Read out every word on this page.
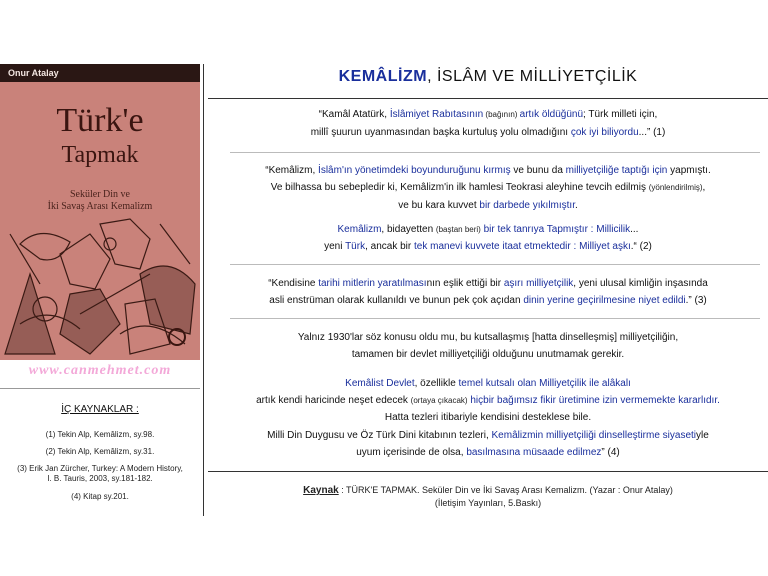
Onur Atalay
Türk'e
Tapmak
Seküler Din ve
İki Savaş Arası Kemalizm
www.canmehmet.com
İÇ KAYNAKLAR :
(1) Tekin Alp, Kemâlizm, sy.98.
(2) Tekin Alp, Kemâlizm, sy.31.
(3) Erik Jan Zürcher, Turkey: A Modern History,
I. B. Tauris, 2003, sy.181-182.
(4) Kitap sy.201.
KEMÂLİZM, İSLÂM VE MİLLİYETÇİLİK
“Kamâl Atatürk, İslâmiyet Rabıtasının (bağının) artık öldüğünü; Türk milleti için,
millî şuurun uyanmasından başka kurtuluş yolu olmadığını çok iyi biliyordu...” (1)
“Kemâlizm, İslâm'ın yönetimdeki boyunduruğunu kırmış ve bunu da milliyetçiliğe taptığı için yapmıştı.
Ve bilhassa bu sebepledir ki, Kemâlizm'in ilk hamlesi Teokrasi aleyhine tevcih edilmiş (yönlendirilmiş),
ve bu kara kuvvet bir darbede yıkılmıştır.
Kemâlizm, bidayetten (baştan beri) bir tek tanrıya Tapmıştır : Millicilik...
yeni Türk, ancak bir tek manevi kuvvete itaat etmektedir : Milliyet aşkı.“ (2)
“Kendisine tarihi mitlerin yaratılmasının eşlik ettiği bir aşırı milliyetçilik, yeni ulusal kimliğin inşasında
asli enstrüman olarak kullanıldı ve bunun pek çok açıdan dinin yerine geçirilmesine niyet edildi.” (3)
Yalnız 1930'lar söz konusu oldu mu, bu kutsallaşmış [hatta dinselleşmiş] milliyetçiliğin,
tamamen bir devlet milliyetçiliği olduğunu unutmamak gerekir.
Kemâlist Devlet, özellikle temel kutsalı olan Milliyetçilik ile alâkalı
artık kendi haricinde neşet edecek (ortaya çıkacak) hiçbir bağımsız fikir üretimine izin vermemekte kararlıdır.
Hatta tezleri itibariyle kendisini desteklese bile.
Milli Din Duygusu ve Öz Türk Dini kitabının tezleri, Kemâlizmin milliyetçiliği dinselleştirme siyasetiyle
uyum içerisinde de olsa, basılmasına müsaade edilmez” (4)
Kaynak : TÜRK'E TAPMAK. Seküler Din ve İki Savaş Arası Kemalizm. (Yazar : Onur Atalay)
(İletişim Yayınları, 5.Baskı)
